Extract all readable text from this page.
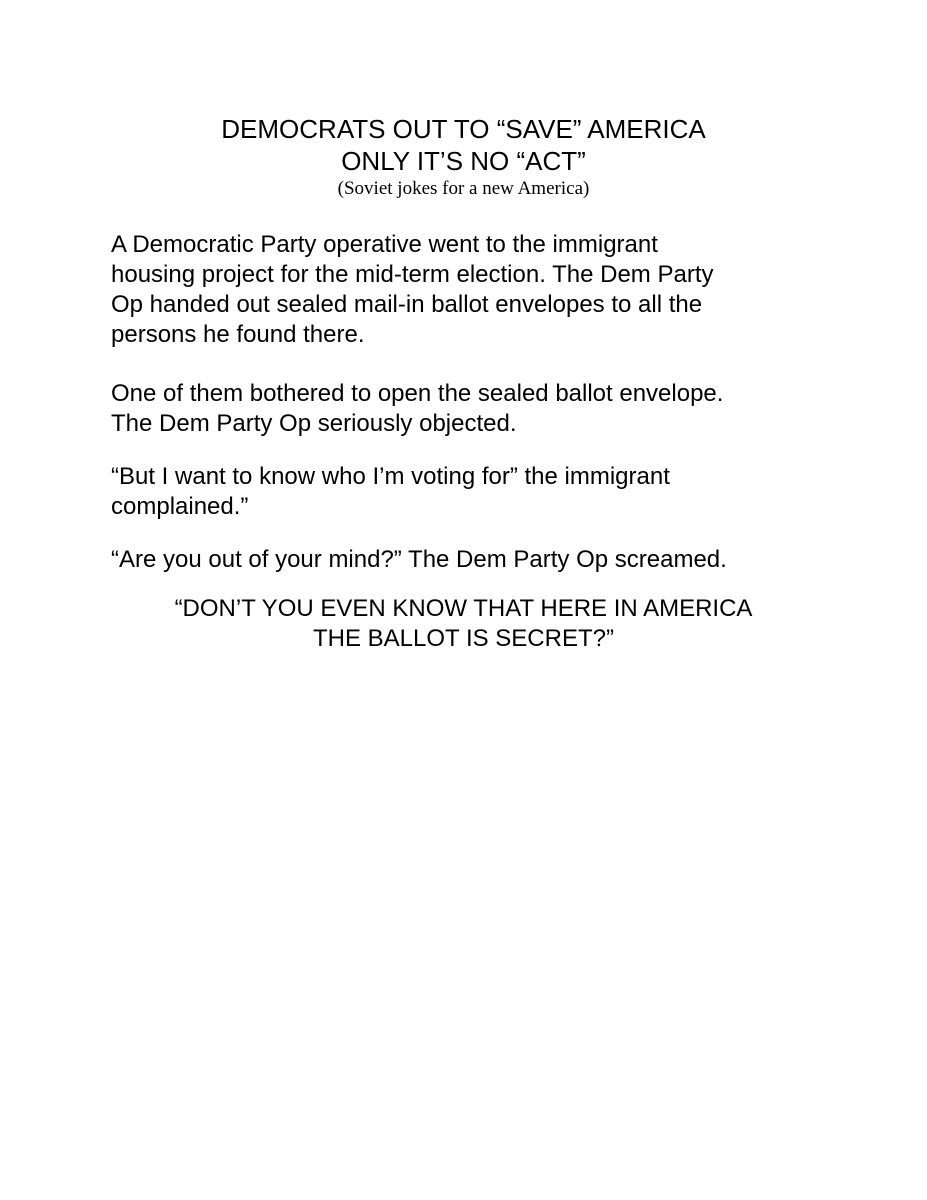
DEMOCRATS OUT TO “SAVE” AMERICA
ONLY IT’S NO “ACT”
(Soviet jokes for a new America)
A Democratic Party operative went to the immigrant
housing project for the mid-term election. The Dem Party
Op handed out sealed mail-in ballot envelopes to all the
persons he found there.
One of them bothered to open the sealed ballot envelope.
The Dem Party Op seriously objected.
“But I want to know who I’m voting for” the immigrant
complained.”
“Are you out of your mind?” The Dem Party Op screamed.
“DON’T YOU EVEN KNOW THAT HERE IN AMERICA
THE BALLOT IS SECRET?”
